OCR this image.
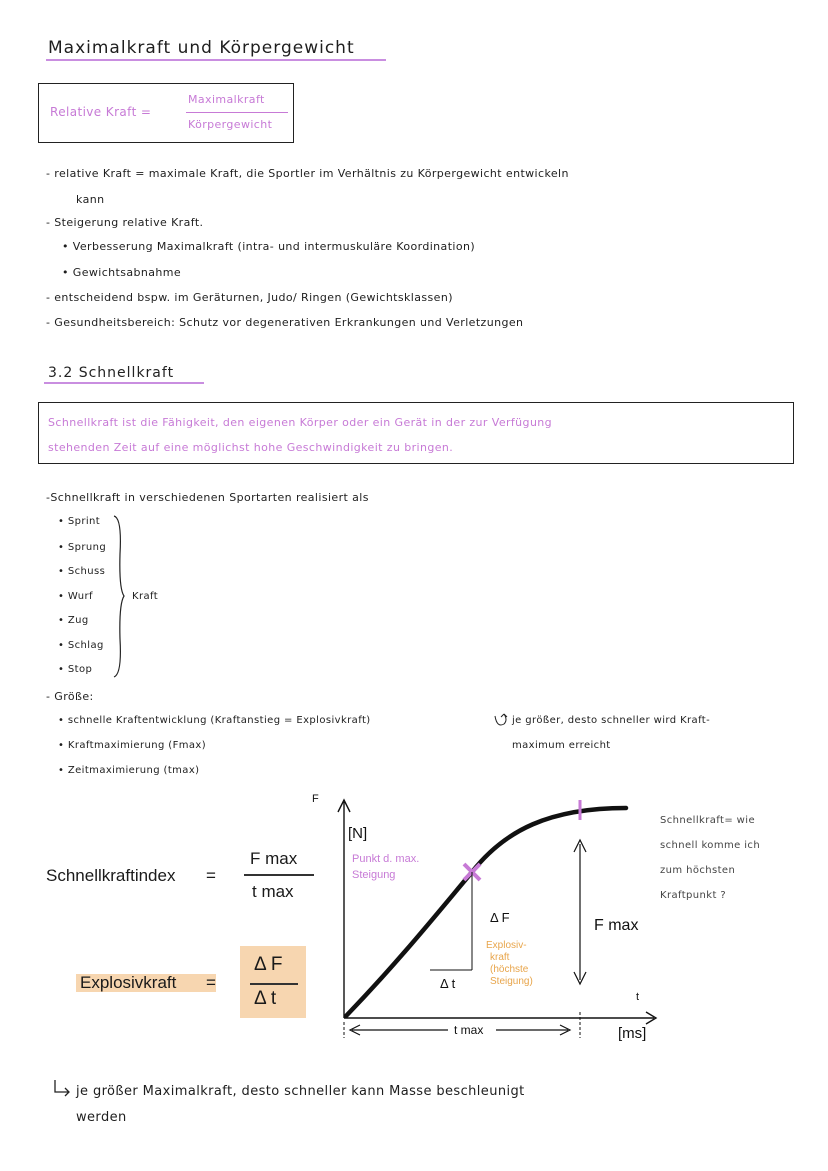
Maximalkraft und Körpergewicht
Relative Kraft =
Maximalkraft
Körpergewicht
- relative Kraft = maximale Kraft, die Sportler im Verhältnis zu Körpergewicht entwickeln
kann
- Steigerung relative Kraft.
• Verbesserung Maximalkraft (intra- und intermuskuläre Koordination)
• Gewichtsabnahme
- entscheidend bspw. im Geräturnen, Judo/ Ringen (Gewichtsklassen)
- Gesundheitsbereich: Schutz vor degenerativen Erkrankungen und Verletzungen
3.2 Schnellkraft
Schnellkraft ist die Fähigkeit, den eigenen Körper oder ein Gerät in der zur Verfügung
stehenden Zeit auf eine möglichst hohe Geschwindigkeit zu bringen.
-Schnellkraft in verschiedenen Sportarten realisiert als
• Sprint
• Sprung
• Schuss
• Wurf
• Zug
• Schlag
• Stop
Kraft
- Größe:
• schnelle Kraftentwicklung (Kraftanstieg = Explosivkraft)
• Kraftmaximierung (Fmax)
• Zeitmaximierung (tmax)
je größer, desto schneller wird Kraft-
maximum erreicht
Schnellkraftindex =
F max
t max
Explosivkraft =
Δ F
Δ t
F
[N]
t
[ms]
Δ F
Δ t
F max
t max
Punkt d. max.
Steigung
Explosiv-
kraft
(höchste
Steigung)
Schnellkraft= wie
schnell komme ich
zum höchsten
Kraftpunkt ?
je größer Maximalkraft, desto schneller kann Masse beschleunigt
werden
